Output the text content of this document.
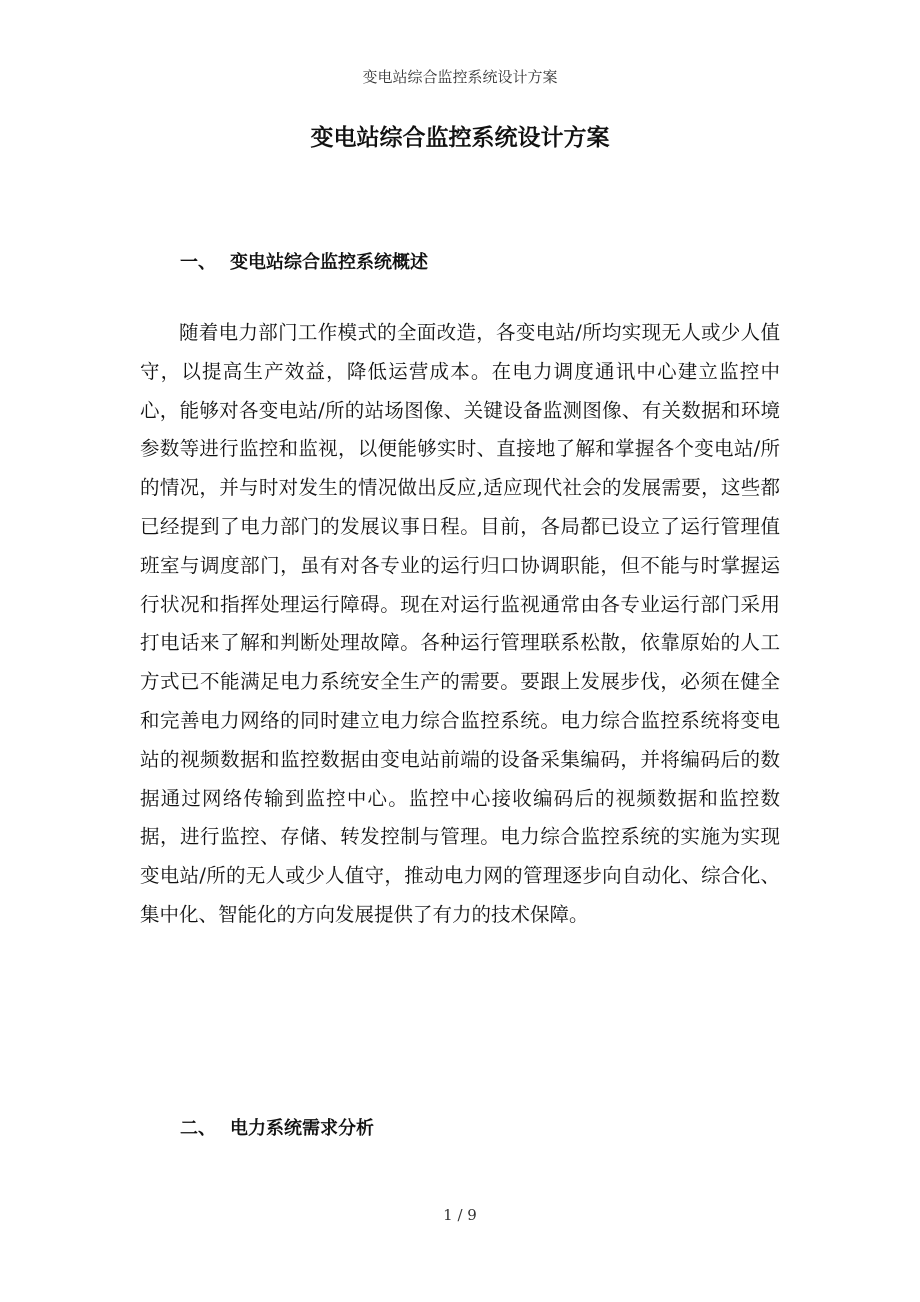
变电站综合监控系统设计方案
变电站综合监控系统设计方案
一、 变电站综合监控系统概述

随着电力部门工作模式的全面改造，各变电站/所均实现无人或少人值守，以提高生产效益，降低运营成本。在电力调度通讯中心建立监控中心，能够对各变电站/所的站场图像、关键设备监测图像、有关数据和环境参数等进行监控和监视，以便能够实时、直接地了解和掌握各个变电站/所的情况，并与时对发生的情况做出反应,适应现代社会的发展需要，这些都已经提到了电力部门的发展议事日程。目前，各局都已设立了运行管理值班室与调度部门，虽有对各专业的运行归口协调职能，但不能与时掌握运行状况和指挥处理运行障碍。现在对运行监视通常由各专业运行部门采用打电话来了解和判断处理故障。各种运行管理联系松散，依靠原始的人工方式已不能满足电力系统安全生产的需要。要跟上发展步伐，必须在健全和完善电力网络的同时建立电力综合监控系统。电力综合监控系统将变电站的视频数据和监控数据由变电站前端的设备采集编码，并将编码后的数据通过网络传输到监控中心。监控中心接收编码后的视频数据和监控数据，进行监控、存储、转发控制与管理。电力综合监控系统的实施为实现变电站/所的无人或少人值守，推动电力网的管理逐步向自动化、综合化、集中化、智能化的方向发展提供了有力的技术保障。

二、 电力系统需求分析
1 / 9
